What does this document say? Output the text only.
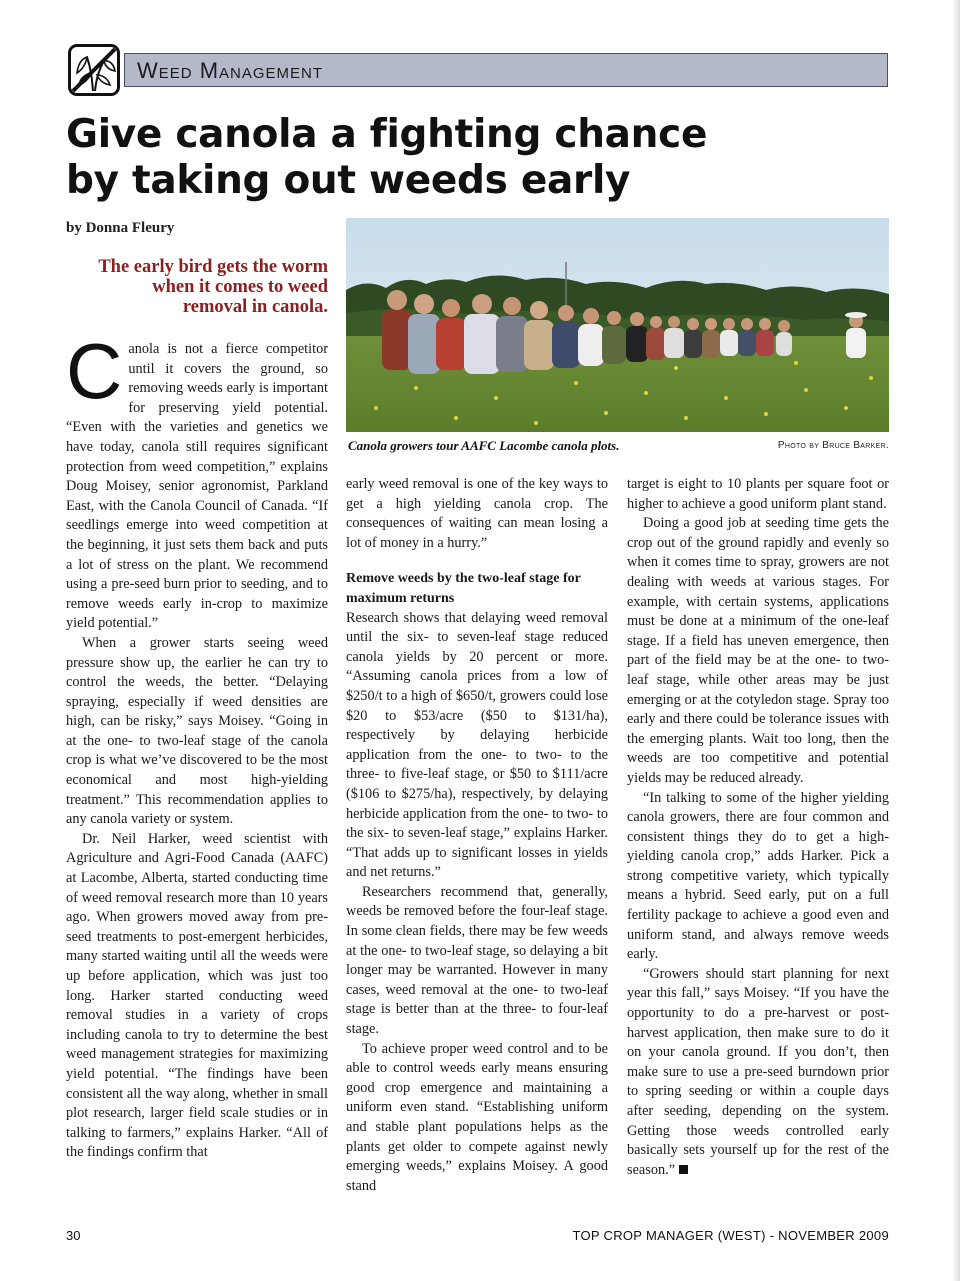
Weed Management
Give canola a fighting chance
by taking out weeds early
by Donna Fleury

The early bird gets the worm
when it comes to weed
removal in canola.

Canola growers tour AAFC Lacombe canola plots.	Photo by Bruce Barker.

Canola is not a fierce competitor until it covers the ground, so removing weeds early is important for preserving yield potential. “Even with the varieties and genetics we have today, canola still requires significant protection from weed competition,” explains Doug Moisey, senior agronomist, Parkland East, with the Canola Council of Canada. “If seedlings emerge into weed competition at the beginning, it just sets them back and puts a lot of stress on the plant. We recommend using a pre-seed burn prior to seeding, and to remove weeds early in-crop to maximize yield potential.”

When a grower starts seeing weed pressure show up, the earlier he can try to control the weeds, the better. “Delaying spraying, especially if weed densities are high, can be risky,” says Moisey. “Going in at the one- to two-leaf stage of the canola crop is what we’ve discovered to be the most economical and most high-yielding treatment.” This recommendation applies to any canola variety or system.

Dr. Neil Harker, weed scientist with Agriculture and Agri-Food Canada (AAFC) at Lacombe, Alberta, started conducting time of weed removal research more than 10 years ago. When growers moved away from pre-seed treatments to post-emergent herbicides, many started waiting until all the weeds were up before application, which was just too long. Harker started conducting weed removal studies in a variety of crops including canola to try to determine the best weed management strategies for maximizing yield potential. “The findings have been consistent all the way along, whether in small plot research, larger field scale studies or in talking to farmers,” explains Harker. “All of the findings confirm that

early weed removal is one of the key ways to get a high yielding canola crop. The consequences of waiting can mean losing a lot of money in a hurry.”

Remove weeds by the two-leaf stage for maximum returns

Research shows that delaying weed removal until the six- to seven-leaf stage reduced canola yields by 20 percent or more. “Assuming canola prices from a low of $250/t to a high of $650/t, growers could lose $20 to $53/acre ($50 to $131/ha), respectively by delaying herbicide application from the one- to two- to the three- to five-leaf stage, or $50 to $111/acre ($106 to $275/ha), respectively, by delaying herbicide application from the one- to two- to the six- to seven-leaf stage,” explains Harker. “That adds up to significant losses in yields and net returns.”

Researchers recommend that, generally, weeds be removed before the four-leaf stage. In some clean fields, there may be few weeds at the one- to two-leaf stage, so delaying a bit longer may be warranted. However in many cases, weed removal at the one- to two-leaf stage is better than at the three- to four-leaf stage.

To achieve proper weed control and to be able to control weeds early means ensuring good crop emergence and maintaining a uniform even stand. “Establishing uniform and stable plant populations helps as the plants get older to compete against newly emerging weeds,” explains Moisey. A good stand

target is eight to 10 plants per square foot or higher to achieve a good uniform plant stand.

Doing a good job at seeding time gets the crop out of the ground rapidly and evenly so when it comes time to spray, growers are not dealing with weeds at various stages. For example, with certain systems, applications must be done at a minimum of the one-leaf stage. If a field has uneven emergence, then part of the field may be at the one- to two-leaf stage, while other areas may be just emerging or at the cotyledon stage. Spray too early and there could be tolerance issues with the emerging plants. Wait too long, then the weeds are too competitive and potential yields may be reduced already.

“In talking to some of the higher yielding canola growers, there are four common and consistent things they do to get a high-yielding canola crop,” adds Harker. Pick a strong competitive variety, which typically means a hybrid. Seed early, put on a full fertility package to achieve a good even and uniform stand, and always remove weeds early.

“Growers should start planning for next year this fall,” says Moisey. “If you have the opportunity to do a pre-harvest or post-harvest application, then make sure to do it on your canola ground. If you don’t, then make sure to use a pre-seed burndown prior to spring seeding or within a couple days after seeding, depending on the system. Getting those weeds controlled early basically sets yourself up for the rest of the season.”

30	TOP CROP MANAGER (WEST) - NOVEMBER 2009
